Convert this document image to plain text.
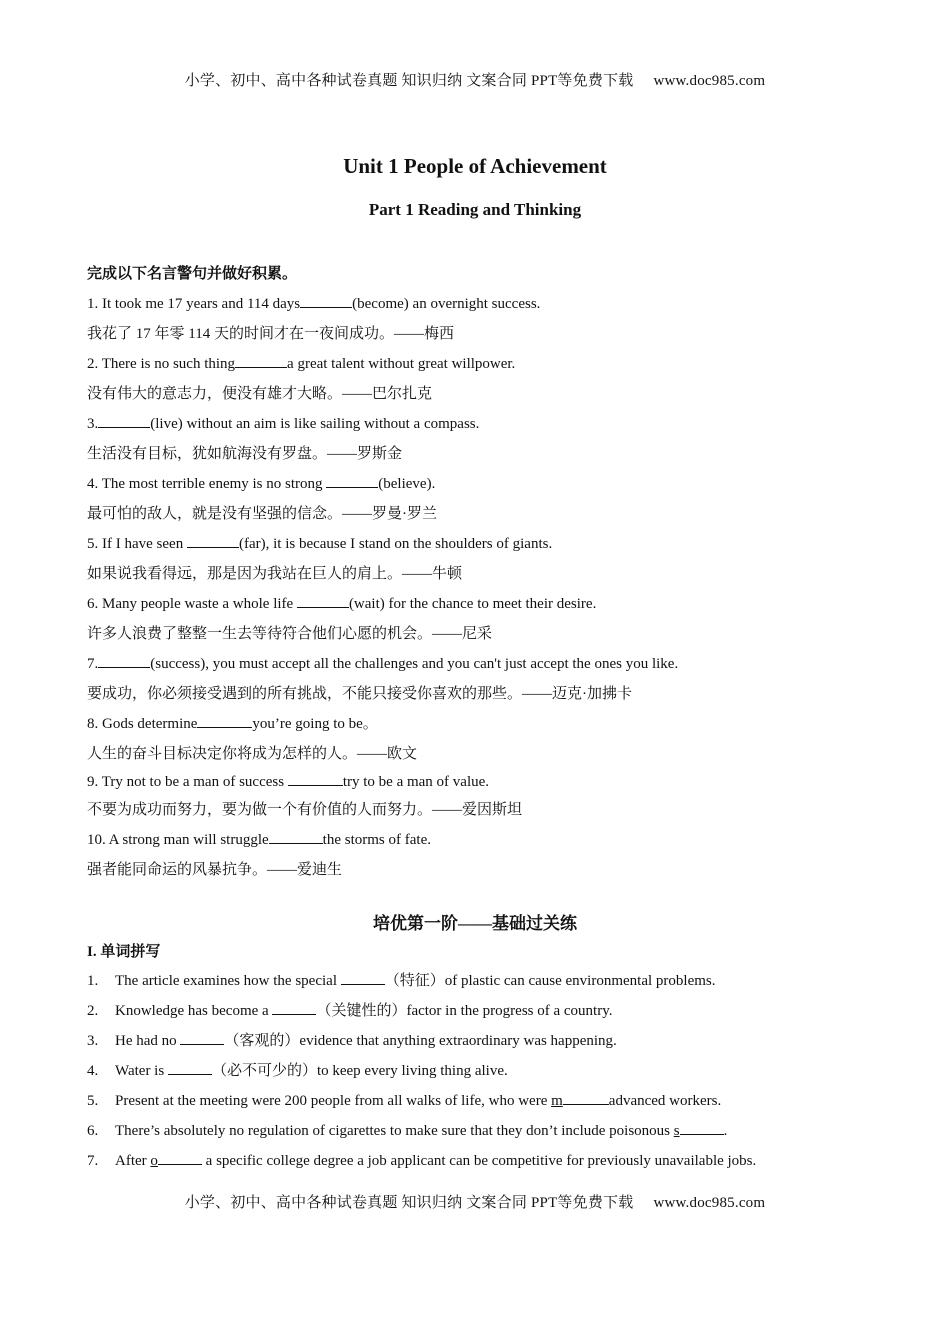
小学、初中、高中各种试卷真题 知识归纳 文案合同 PPT等免费下载 www.doc985.com
Unit 1 People of Achievement
Part 1 Reading and Thinking
完成以下名言警句并做好积累。
1. It took me 17 years and 114 days	(become) an overnight success.
我花了 17 年零 114 天的时间才在一夜间成功。——梅西
2. There is no such thing	a great talent without great willpower.
没有伟大的意志力，便没有雄才大略。——巴尔扎克
3.	(live) without an aim is like sailing without a compass.
生活没有目标，犹如航海没有罗盘。——罗斯金
4. The most terrible enemy is no strong	(believe).
最可怕的敌人，就是没有坚强的信念。——罗曼·罗兰
5. If I have seen	(far), it is because I stand on the shoulders of giants.
如果说我看得远，那是因为我站在巨人的肩上。——牛顿
6. Many people waste a whole life	(wait) for the chance to meet their desire.
许多人浪费了整整一生去等待符合他们心愿的机会。——尼采
7.	(success), you must accept all the challenges and you can't just accept the ones you like.
要成功，你必须接受遇到的所有挑战，不能只接受你喜欢的那些。——迈克·加拂卡
8. Gods determine	you’re going to be。
人生的奋斗目标决定你将成为怎样的人。——欧文
9. Try not to be a man of success	try to be a man of value.
不要为成功而努力，要为做一个有价值的人而努力。——爱因斯坦
10. A strong man will struggle	the storms of fate.
强者能同命运的风暴抗争。——爱迪生
培优第一阶——基础过关练
I. 单词拼写
1. The article examines how the special	（特征）of plastic can cause environmental problems.
2. Knowledge has become a	（关键性的）factor in the progress of a country.
3. He had no	（客观的）evidence that anything extraordinary was happening.
4. Water is	（必不可少的）to keep every living thing alive.
5. Present at the meeting were 200 people from all walks of life, who were m	advanced workers.
6. There’s absolutely no regulation of cigarettes to make sure that they don’t include poisonous s	.
7. After o	a specific college degree a job applicant can be competitive for previously unavailable jobs.
小学、初中、高中各种试卷真题 知识归纳 文案合同 PPT等免费下载 www.doc985.com
